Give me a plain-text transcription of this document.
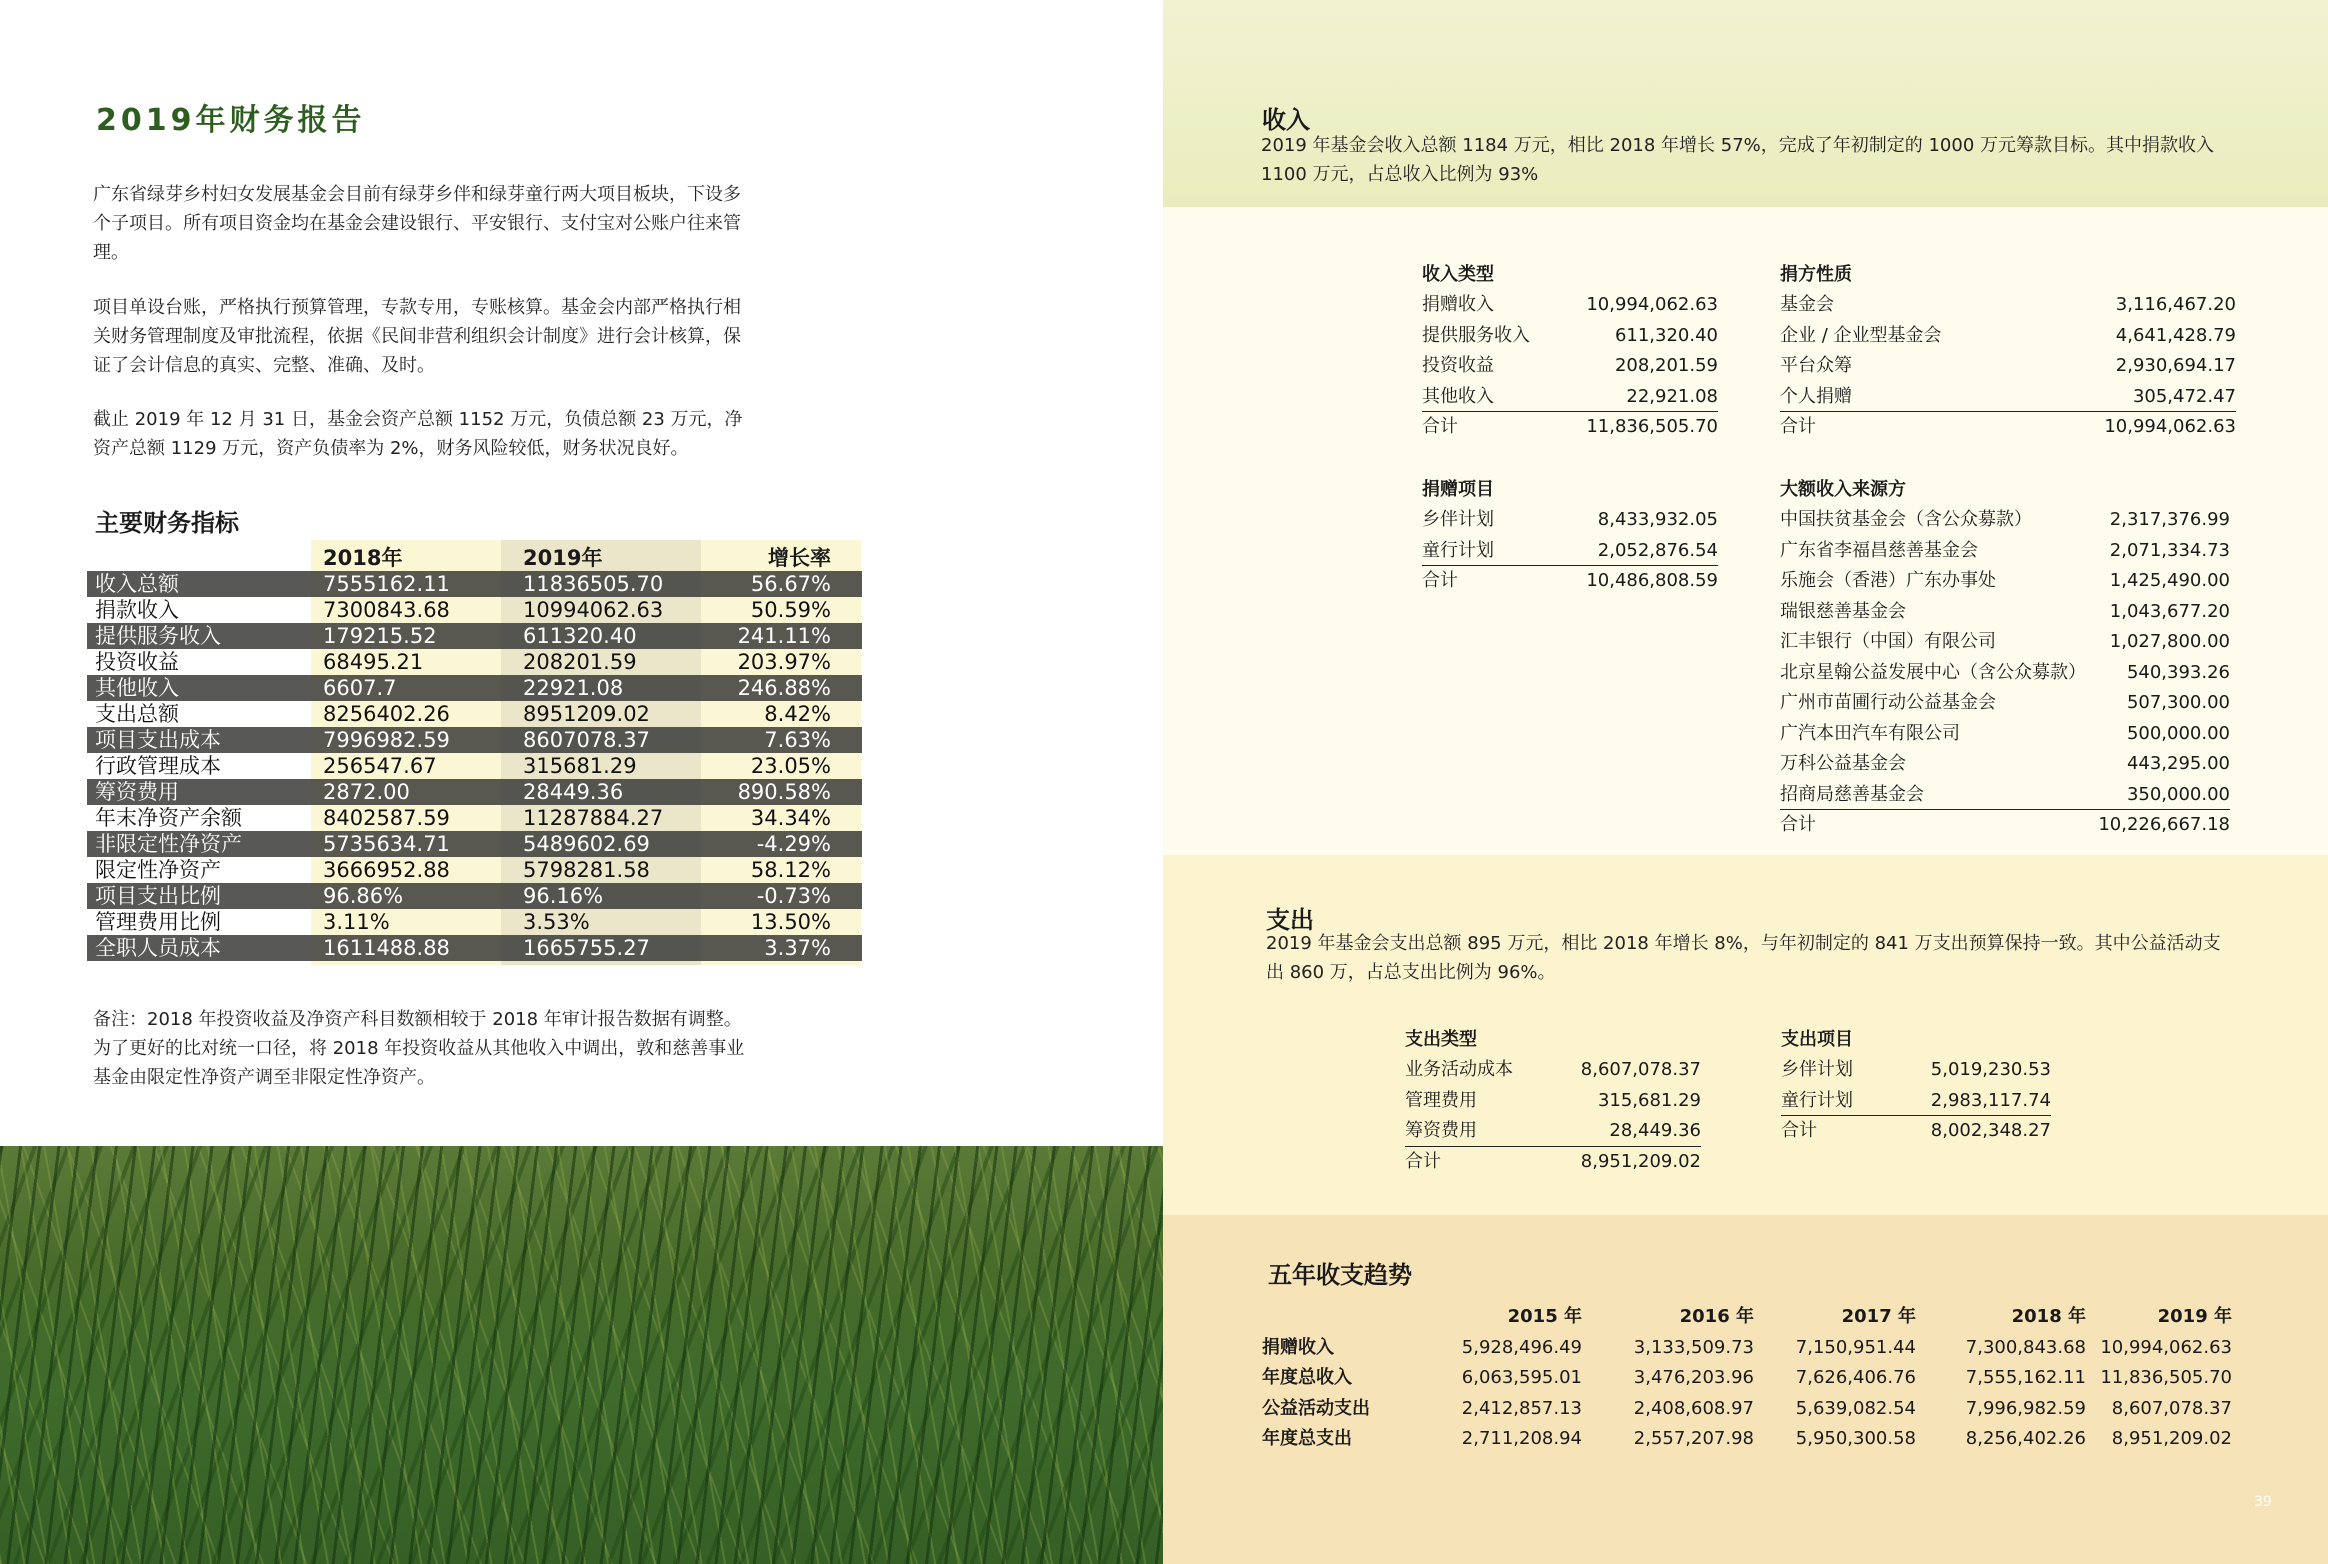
2019年财务报告
广东省绿芽乡村妇女发展基金会目前有绿芽乡伴和绿芽童行两大项目板块，下设多个子项目。所有项目资金均在基金会建设银行、平安银行、支付宝对公账户往来管理。
项目单设台账，严格执行预算管理，专款专用，专账核算。基金会内部严格执行相关财务管理制度及审批流程，依据《民间非营利组织会计制度》进行会计核算，保证了会计信息的真实、完整、准确、及时。
截止 2019 年 12 月 31 日，基金会资产总额 1152 万元，负债总额 23 万元，净资产总额 1129 万元，资产负债率为 2%，财务风险较低，财务状况良好。
主要财务指标
2018年	2019年	增长率
收入总额	7555162.11	11836505.70	56.67%
捐款收入	7300843.68	10994062.63	50.59%
提供服务收入	179215.52	611320.40	241.11%
投资收益	68495.21	208201.59	203.97%
其他收入	6607.7	22921.08	246.88%
支出总额	8256402.26	8951209.02	8.42%
项目支出成本	7996982.59	8607078.37	7.63%
行政管理成本	256547.67	315681.29	23.05%
筹资费用	2872.00	28449.36	890.58%
年末净资产余额	8402587.59	11287884.27	34.34%
非限定性净资产	5735634.71	5489602.69	-4.29%
限定性净资产	3666952.88	5798281.58	58.12%
项目支出比例	96.86%	96.16%	-0.73%
管理费用比例	3.11%	3.53%	13.50%
全职人员成本	1611488.88	1665755.27	3.37%
备注：2018 年投资收益及净资产科目数额相较于 2018 年审计报告数据有调整。为了更好的比对统一口径，将 2018 年投资收益从其他收入中调出，敦和慈善事业基金由限定性净资产调至非限定性净资产。
收入
2019 年基金会收入总额 1184 万元，相比 2018 年增长 57%，完成了年初制定的 1000 万元筹款目标。其中捐款收入 1100 万元，占总收入比例为 93%
收入类型
捐赠收入	10,994,062.63
提供服务收入	611,320.40
投资收益	208,201.59
其他收入	22,921.08
合计	11,836,505.70
捐方性质
基金会	3,116,467.20
企业 / 企业型基金会	4,641,428.79
平台众筹	2,930,694.17
个人捐赠	305,472.47
合计	10,994,062.63
捐赠项目
乡伴计划	8,433,932.05
童行计划	2,052,876.54
合计	10,486,808.59
大额收入来源方
中国扶贫基金会（含公众募款）	2,317,376.99
广东省李福昌慈善基金会	2,071,334.73
乐施会（香港）广东办事处	1,425,490.00
瑞银慈善基金会	1,043,677.20
汇丰银行（中国）有限公司	1,027,800.00
北京星翰公益发展中心（含公众募款） 540,393.26
广州市苗圃行动公益基金会	507,300.00
广汽本田汽车有限公司	500,000.00
万科公益基金会	443,295.00
招商局慈善基金会	350,000.00
合计	10,226,667.18
支出
2019 年基金会支出总额 895 万元，相比 2018 年增长 8%，与年初制定的 841 万支出预算保持一致。其中公益活动支出 860 万，占总支出比例为 96%。
支出类型
业务活动成本	8,607,078.37
管理费用	315,681.29
筹资费用	28,449.36
合计	8,951,209.02
支出项目
乡伴计划	5,019,230.53
童行计划	2,983,117.74
合计	8,002,348.27
五年收支趋势
2015 年	2016 年	2017 年	2018 年	2019 年
捐赠收入	5,928,496.49	3,133,509.73	7,150,951.44	7,300,843.68 10,994,062.63
年度总收入	6,063,595.01	3,476,203.96	7,626,406.76	7,555,162.11 11,836,505.70
公益活动支出	2,412,857.13	2,408,608.97	5,639,082.54	7,996,982.59	8,607,078.37
年度总支出	2,711,208.94	2,557,207.98	5,950,300.58	8,256,402.26	8,951,209.02
39
